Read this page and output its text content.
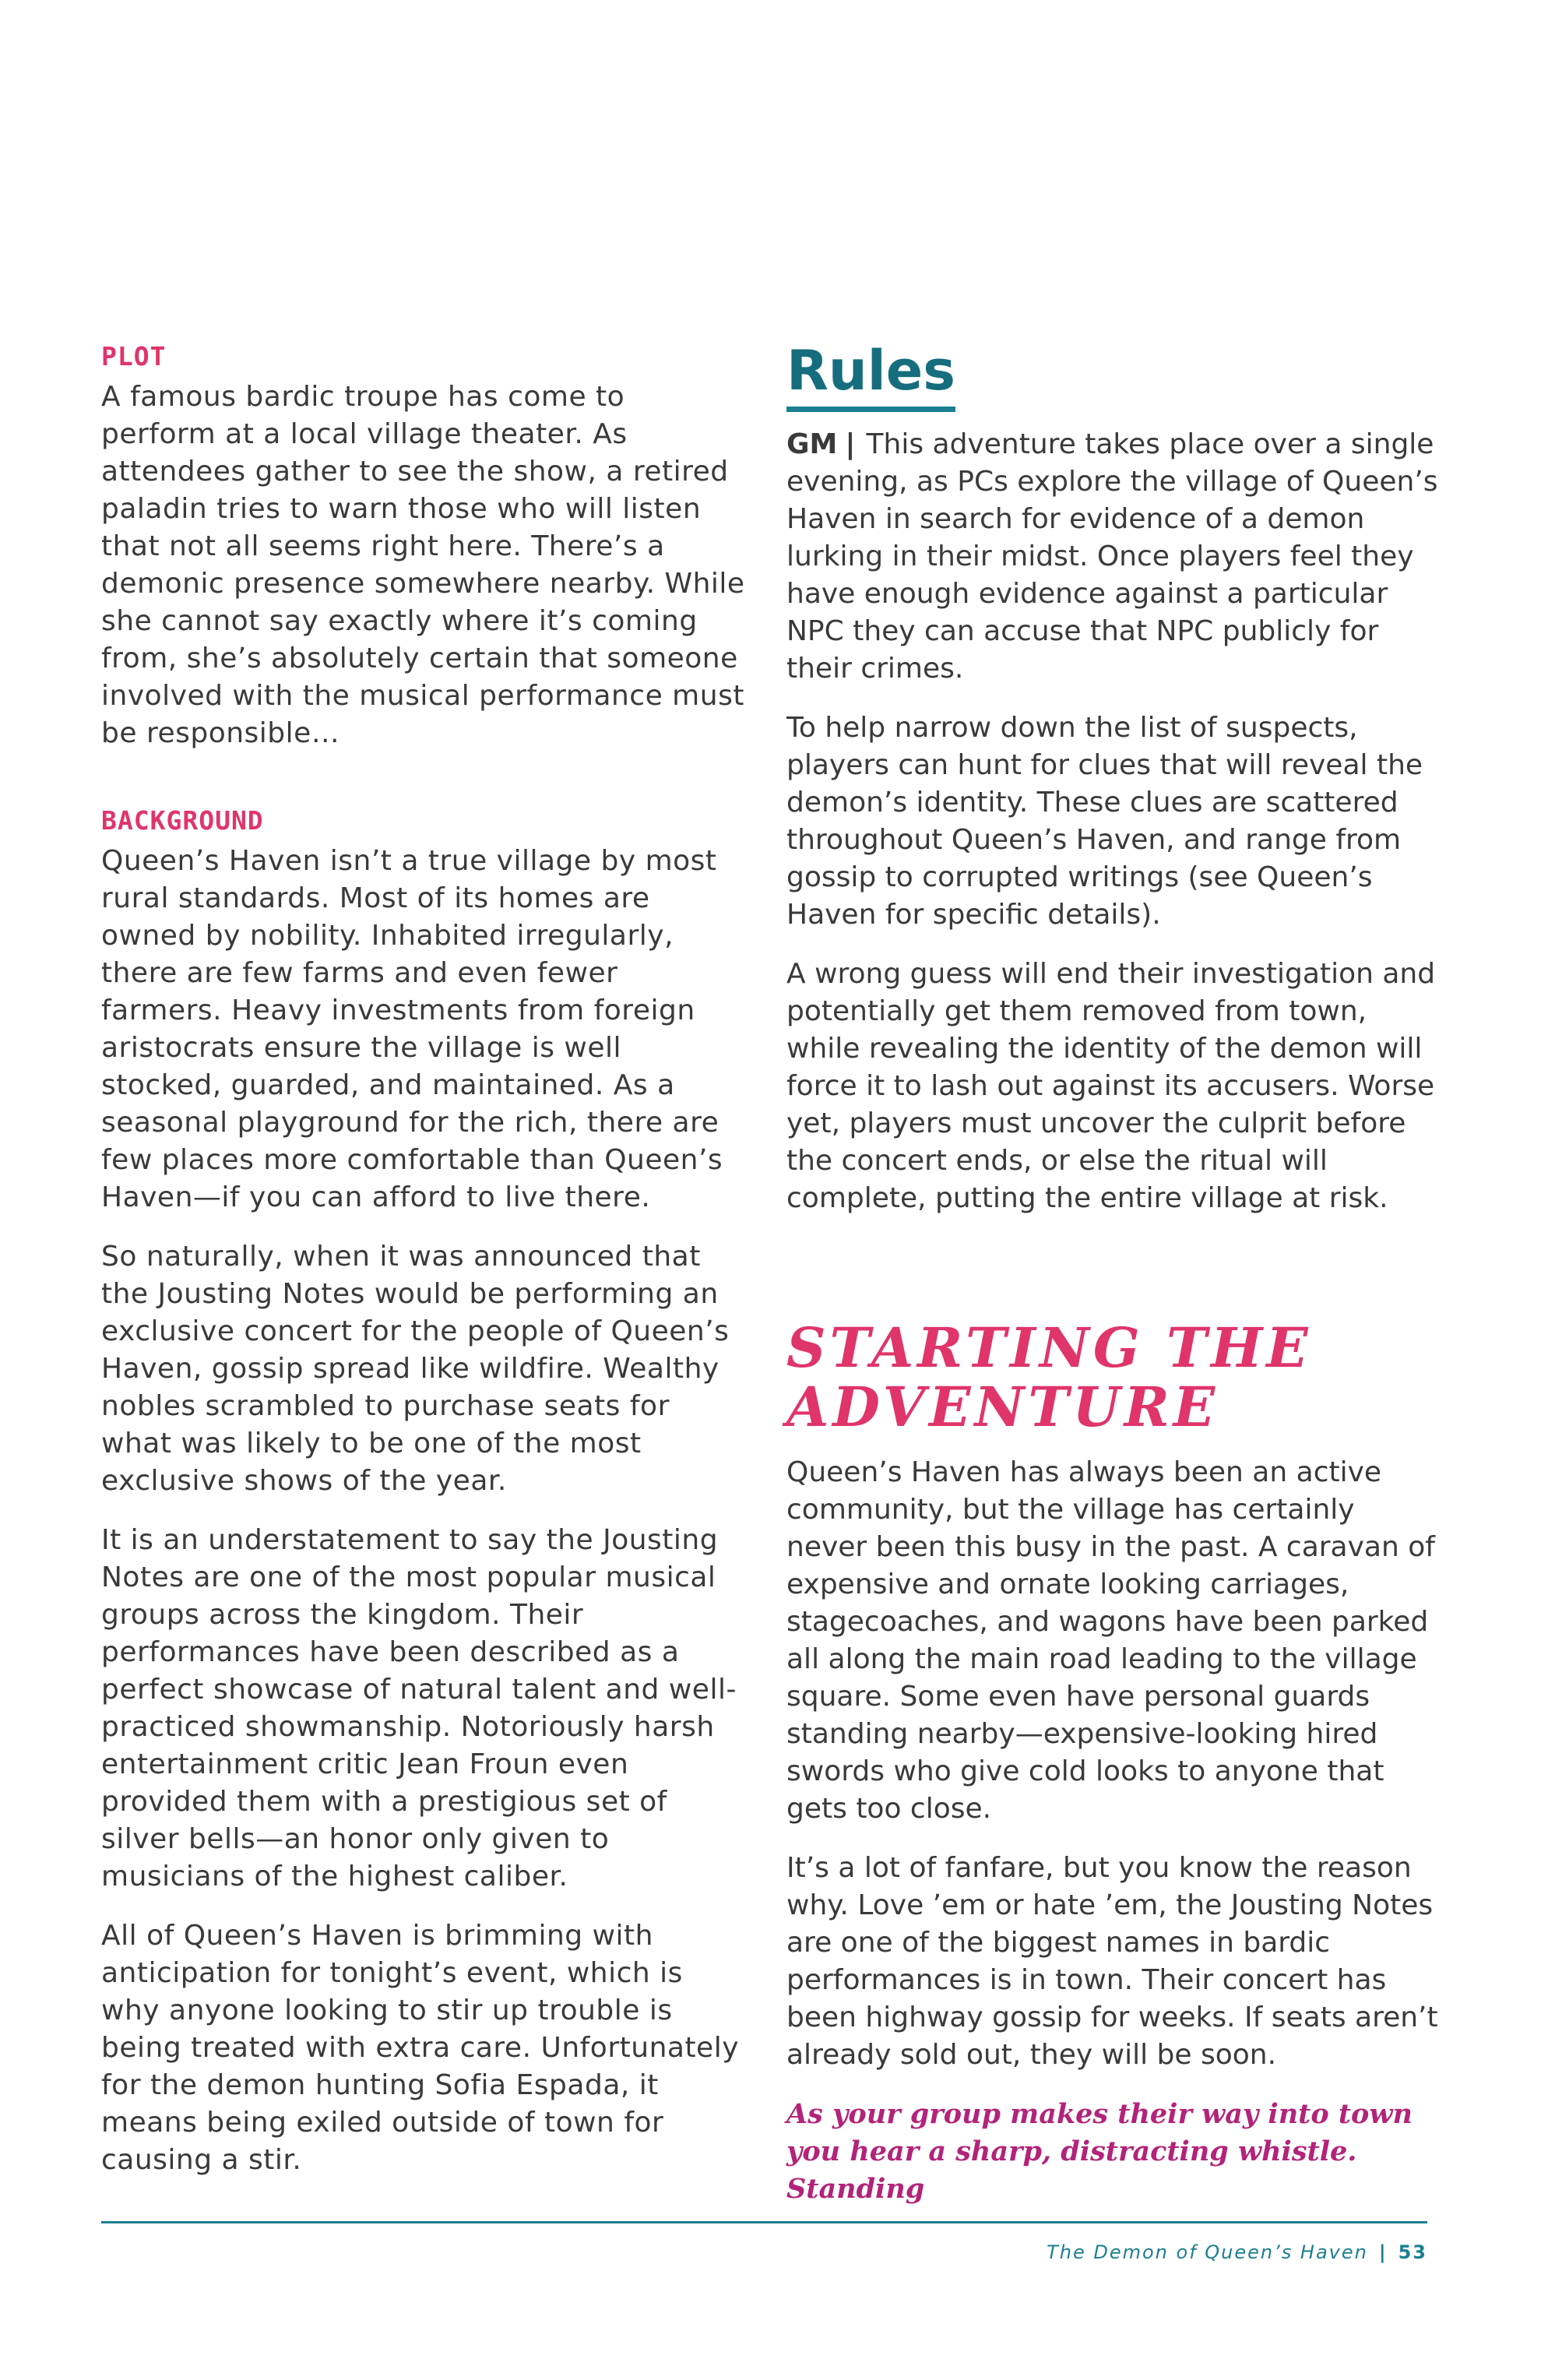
PLOT

A famous bardic troupe has come to perform at a local village theater. As attendees gather to see the show, a retired paladin tries to warn those who will listen that not all seems right here. There’s a demonic presence somewhere nearby. While she cannot say exactly where it’s coming from, she’s absolutely certain that someone involved with the musical performance must be responsible…

BACKGROUND

Queen’s Haven isn’t a true village by most rural standards. Most of its homes are owned by nobility. Inhabited irregularly, there are few farms and even fewer farmers. Heavy investments from foreign aristocrats ensure the village is well stocked, guarded, and maintained. As a seasonal playground for the rich, there are few places more comfortable than Queen’s Haven—if you can afford to live there.

So naturally, when it was announced that the Jousting Notes would be performing an exclusive concert for the people of Queen’s Haven, gossip spread like wildfire. Wealthy nobles scrambled to purchase seats for what was likely to be one of the most exclusive shows of the year.

It is an understatement to say the Jousting Notes are one of the most popular musical groups across the kingdom. Their performances have been described as a perfect showcase of natural talent and well-practiced showmanship. Notoriously harsh entertainment critic Jean Froun even provided them with a prestigious set of silver bells—an honor only given to musicians of the highest caliber.

All of Queen’s Haven is brimming with anticipation for tonight’s event, which is why anyone looking to stir up trouble is being treated with extra care. Unfortunately for the demon hunting Sofia Espada, it means being exiled outside of town for causing a stir.

Rules

GM | This adventure takes place over a single evening, as PCs explore the village of Queen’s Haven in search for evidence of a demon lurking in their midst. Once players feel they have enough evidence against a particular NPC they can accuse that NPC publicly for their crimes.

To help narrow down the list of suspects, players can hunt for clues that will reveal the demon’s identity. These clues are scattered throughout Queen’s Haven, and range from gossip to corrupted writings (see Queen’s Haven for specific details).

A wrong guess will end their investigation and potentially get them removed from town, while revealing the identity of the demon will force it to lash out against its accusers. Worse yet, players must uncover the culprit before the concert ends, or else the ritual will complete, putting the entire village at risk.

STARTING THE ADVENTURE

Queen’s Haven has always been an active community, but the village has certainly never been this busy in the past. A caravan of expensive and ornate looking carriages, stagecoaches, and wagons have been parked all along the main road leading to the village square. Some even have personal guards standing nearby—expensive-looking hired swords who give cold looks to anyone that gets too close.

It’s a lot of fanfare, but you know the reason why. Love ’em or hate ’em, the Jousting Notes are one of the biggest names in bardic performances is in town. Their concert has been highway gossip for weeks. If seats aren’t already sold out, they will be soon.

As your group makes their way into town you hear a sharp, distracting whistle. Standing

The Demon of Queen’s Haven | 53
